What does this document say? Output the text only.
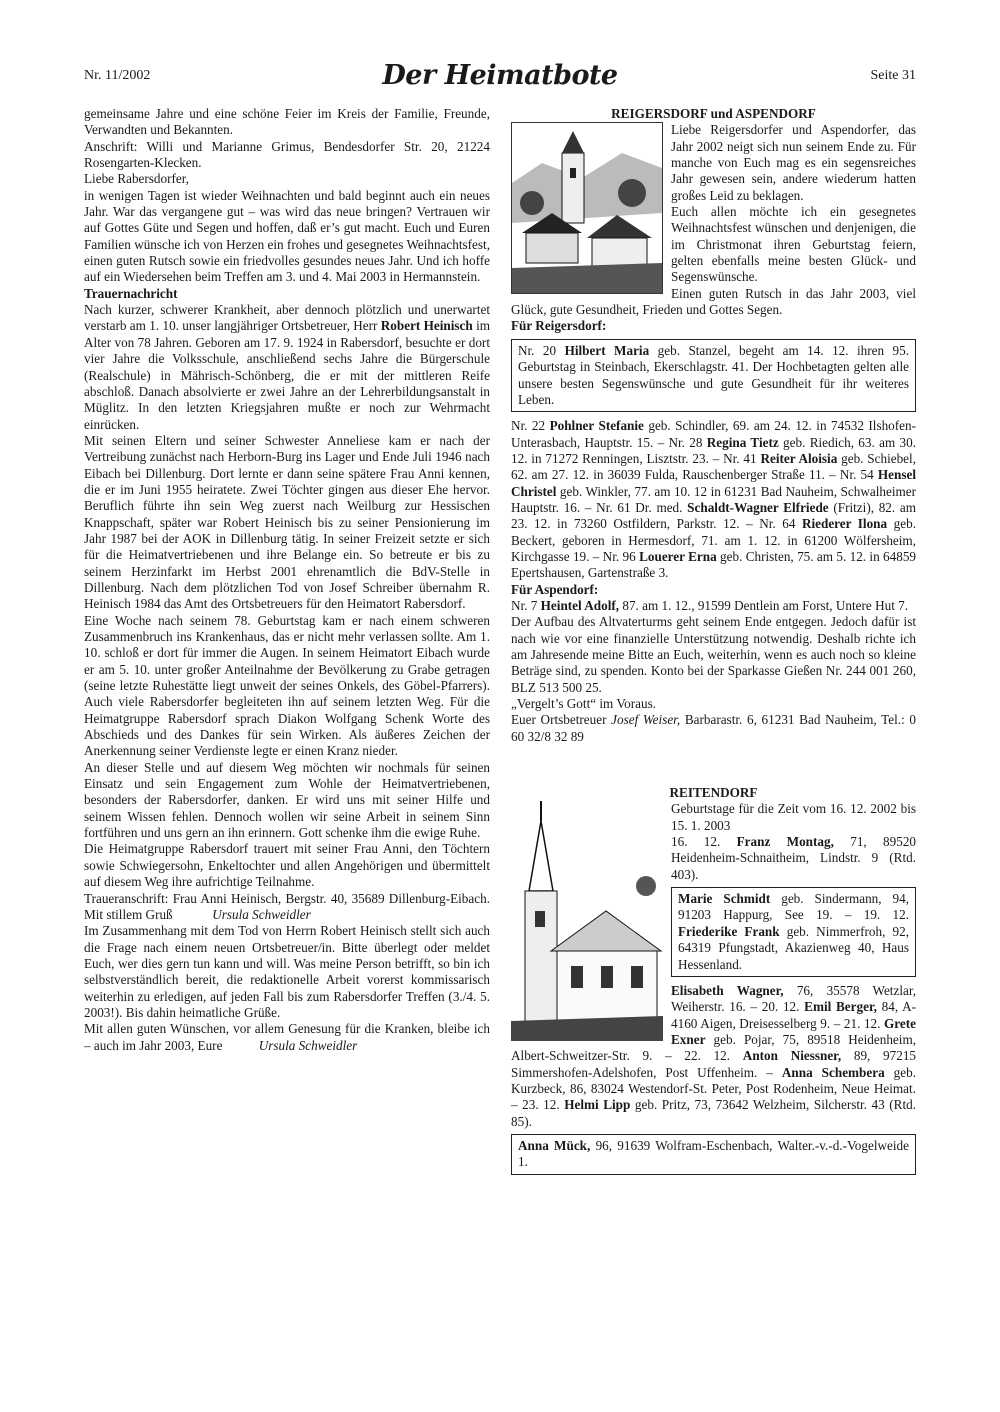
Nr. 11/2002	Der Heimatbote	Seite 31

gemeinsame Jahre und eine schöne Feier im Kreis der Familie, Freunde, Verwandten und Bekannten.

Anschrift: Willi und Marianne Grimus, Bendesdorfer Str. 20, 21224 Rosengarten-Klecken.

Liebe Rabersdorfer,

in wenigen Tagen ist wieder Weihnachten und bald beginnt auch ein neues Jahr. War das vergangene gut – was wird das neue bringen? Vertrauen wir auf Gottes Güte und Segen und hoffen, daß er’s gut macht. Euch und Euren Familien wünsche ich von Herzen ein frohes und gesegnetes Weihnachtsfest, einen guten Rutsch sowie ein friedvolles gesundes neues Jahr. Und ich hoffe auf ein Wiedersehen beim Treffen am 3. und 4. Mai 2003 in Hermannstein.

Trauernachricht

Nach kurzer, schwerer Krankheit, aber dennoch plötzlich und unerwartet verstarb am 1. 10. unser langjähriger Ortsbetreuer, Herr Robert Heinisch im Alter von 78 Jahren. Geboren am 17. 9. 1924 in Rabersdorf, besuchte er dort vier Jahre die Volksschule, anschließend sechs Jahre die Bürgerschule (Realschule) in Mährisch-Schönberg, die er mit der mittleren Reife abschloß. Danach absolvierte er zwei Jahre an der Lehrerbildungsanstalt in Müglitz. In den letzten Kriegsjahren mußte er noch zur Wehrmacht einrücken.

Mit seinen Eltern und seiner Schwester Anneliese kam er nach der Vertreibung zunächst nach Herborn-Burg ins Lager und Ende Juli 1946 nach Eibach bei Dillenburg. Dort lernte er dann seine spätere Frau Anni kennen, die er im Juni 1955 heiratete. Zwei Töchter gingen aus dieser Ehe hervor. Beruflich führte ihn sein Weg zuerst nach Weilburg zur Hessischen Knappschaft, später war Robert Heinisch bis zu seiner Pensionierung im Jahr 1987 bei der AOK in Dillenburg tätig. In seiner Freizeit setzte er sich für die Heimatvertriebenen und ihre Belange ein. So betreute er bis zu seinem Herzinfarkt im Herbst 2001 ehrenamtlich die BdV-Stelle in Dillenburg. Nach dem plötzlichen Tod von Josef Schreiber übernahm R. Heinisch 1984 das Amt des Ortsbetreuers für den Heimatort Rabersdorf.

Eine Woche nach seinem 78. Geburtstag kam er nach einem schweren Zusammenbruch ins Krankenhaus, das er nicht mehr verlassen sollte. Am 1. 10. schloß er dort für immer die Augen. In seinem Heimatort Eibach wurde er am 5. 10. unter großer Anteilnahme der Bevölkerung zu Grabe getragen (seine letzte Ruhestätte liegt unweit der seines Onkels, des Göbel-Pfarrers). Auch viele Rabersdorfer begleiteten ihn auf seinem letzten Weg. Für die Heimatgruppe Rabersdorf sprach Diakon Wolfgang Schenk Worte des Abschieds und des Dankes für sein Wirken. Als äußeres Zeichen der Anerkennung seiner Verdienste legte er einen Kranz nieder.

An dieser Stelle und auf diesem Weg möchten wir nochmals für seinen Einsatz und sein Engagement zum Wohle der Heimatvertriebenen, besonders der Rabersdorfer, danken. Er wird uns mit seiner Hilfe und seinem Wissen fehlen. Dennoch wollen wir seine Arbeit in seinem Sinn fortführen und uns gern an ihn erinnern. Gott schenke ihm die ewige Ruhe.

Die Heimatgruppe Rabersdorf trauert mit seiner Frau Anni, den Töchtern sowie Schwiegersohn, Enkeltochter und allen Angehörigen und übermittelt auf diesem Weg ihre aufrichtige Teilnahme.

Traueranschrift: Frau Anni Heinisch, Bergstr. 40, 35689 Dillenburg-Eibach. Mit stillem Gruß	Ursula Schweidler

Im Zusammenhang mit dem Tod von Herrn Robert Heinisch stellt sich auch die Frage nach einem neuen Ortsbetreuer/in. Bitte überlegt oder meldet Euch, wer dies gern tun kann und will. Was meine Person betrifft, so bin ich selbstverständlich bereit, die redaktionelle Arbeit vorerst kommissarisch weiterhin zu erledigen, auf jeden Fall bis zum Rabersdorfer Treffen (3./4. 5. 2003!). Bis dahin heimatliche Grüße.

Mit allen guten Wünschen, vor allem Genesung für die Kranken, bleibe ich – auch im Jahr 2003, Eure	Ursula Schweidler

REIGERSDORF und ASPENDORF

Liebe Reigersdorfer und Aspendorfer, das Jahr 2002 neigt sich nun seinem Ende zu. Für manche von Euch mag es ein segensreiches Jahr gewesen sein, andere wiederum hatten großes Leid zu beklagen.

Euch allen möchte ich ein gesegnetes Weihnachtsfest wünschen und denjenigen, die im Christmonat ihren Geburtstag feiern, gelten ebenfalls meine besten Glück- und Segenswünsche.

Einen guten Rutsch in das Jahr 2003, viel Glück, gute Gesundheit, Frieden und Gottes Segen.

Für Reigersdorf:

Nr. 20 Hilbert Maria geb. Stanzel, begeht am 14. 12. ihren 95. Geburtstag in Steinbach, Ekerschlagstr. 41. Der Hochbetagten gelten alle unsere besten Segenswünsche und gute Gesundheit für ihr weiteres Leben.

Nr. 22 Pohlner Stefanie geb. Schindler, 69. am 24. 12. in 74532 Ilshofen-Unterasbach, Hauptstr. 15. – Nr. 28 Regina Tietz geb. Riedich, 63. am 30. 12. in 71272 Renningen, Lisztstr. 23. – Nr. 41 Reiter Aloisia geb. Schiebel, 62. am 27. 12. in 36039 Fulda, Rauschenberger Straße 11. – Nr. 54 Hensel Christel geb. Winkler, 77. am 10. 12 in 61231 Bad Nauheim, Schwalheimer Hauptstr. 16. – Nr. 61 Dr. med. Schaldt-Wagner Elfriede (Fritzi), 82. am 23. 12. in 73260 Ostfildern, Parkstr. 12. – Nr. 64 Riederer Ilona geb. Beckert, geboren in Hermesdorf, 71. am 1. 12. in 61200 Wölfersheim, Kirchgasse 19. – Nr. 96 Louerer Erna geb. Christen, 75. am 5. 12. in 64859 Epertshausen, Gartenstraße 3.

Für Aspendorf:

Nr. 7 Heintel Adolf, 87. am 1. 12., 91599 Dentlein am Forst, Untere Hut 7.

Der Aufbau des Altvaterturms geht seinem Ende entgegen. Jedoch dafür ist nach wie vor eine finanzielle Unterstützung notwendig. Deshalb richte ich am Jahresende meine Bitte an Euch, weiterhin, wenn es auch noch so kleine Beträge sind, zu spenden. Konto bei der Sparkasse Gießen Nr. 244 001 260, BLZ 513 500 25.

„Vergelt’s Gott“ im Voraus.

Euer Ortsbetreuer Josef Weiser, Barbarastr. 6, 61231 Bad Nauheim, Tel.: 0 60 32/8 32 89

REITENDORF

Geburtstage für die Zeit vom 16. 12. 2002 bis 15. 1. 2003

16. 12. Franz Montag, 71, 89520 Heidenheim-Schnaitheim, Lindstr. 9 (Rtd. 403).

Marie Schmidt geb. Sindermann, 94, 91203 Happurg, See 19. – 19. 12. Friederike Frank geb. Nimmerfroh, 92, 64319 Pfungstadt, Akazienweg 40, Haus Hessenland.

Elisabeth Wagner, 76, 35578 Wetzlar, Weiherstr. 16. – 20. 12. Emil Berger, 84, A-4160 Aigen, Dreisesselberg 9. – 21. 12. Grete Exner geb. Pojar, 75, 89518 Heidenheim, Albert-Schweitzer-Str. 9. – 22. 12. Anton Niessner, 89, 97215 Simmershofen-Adelshofen, Post Uffenheim. – Anna Schembera geb. Kurzbeck, 86, 83024 Westendorf-St. Peter, Post Rodenheim, Neue Heimat. – 23. 12. Helmi Lipp geb. Pritz, 73, 73642 Welzheim, Silcherstr. 43 (Rtd. 85).

Anna Mück, 96, 91639 Wolfram-Eschenbach, Walter.-v.-d.-Vogelweide 1.
